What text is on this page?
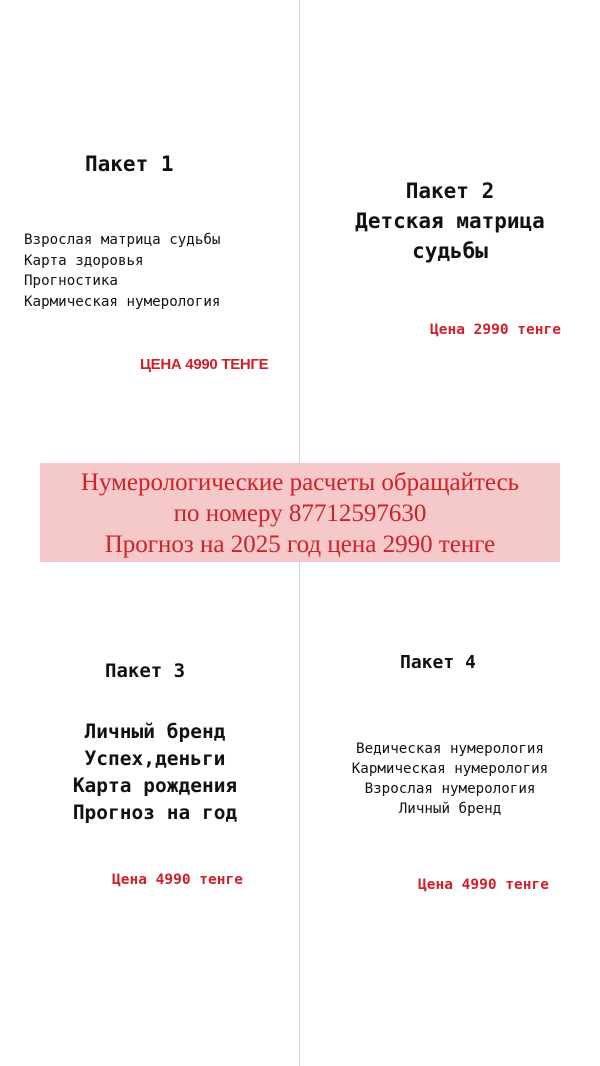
Пакет 1
Взрослая матрица судьбы
Карта здоровья
Прогностика
Кармическая нумерология
ЦЕНА 4990 ТЕНГЕ
Пакет 2
Детская матрица
судьбы
Цена 2990 тенге
Нумерологические расчеты обращайтесь
по номеру 87712597630
Прогноз на 2025 год цена 2990 тенге
Пакет 3
Личный бренд
Успех,деньги
Карта рождения
Прогноз на год
Цена 4990 тенге
Пакет 4
Ведическая нумерология
Кармическая нумерология
Взрослая нумерология
Личный бренд
Цена 4990 тенге
